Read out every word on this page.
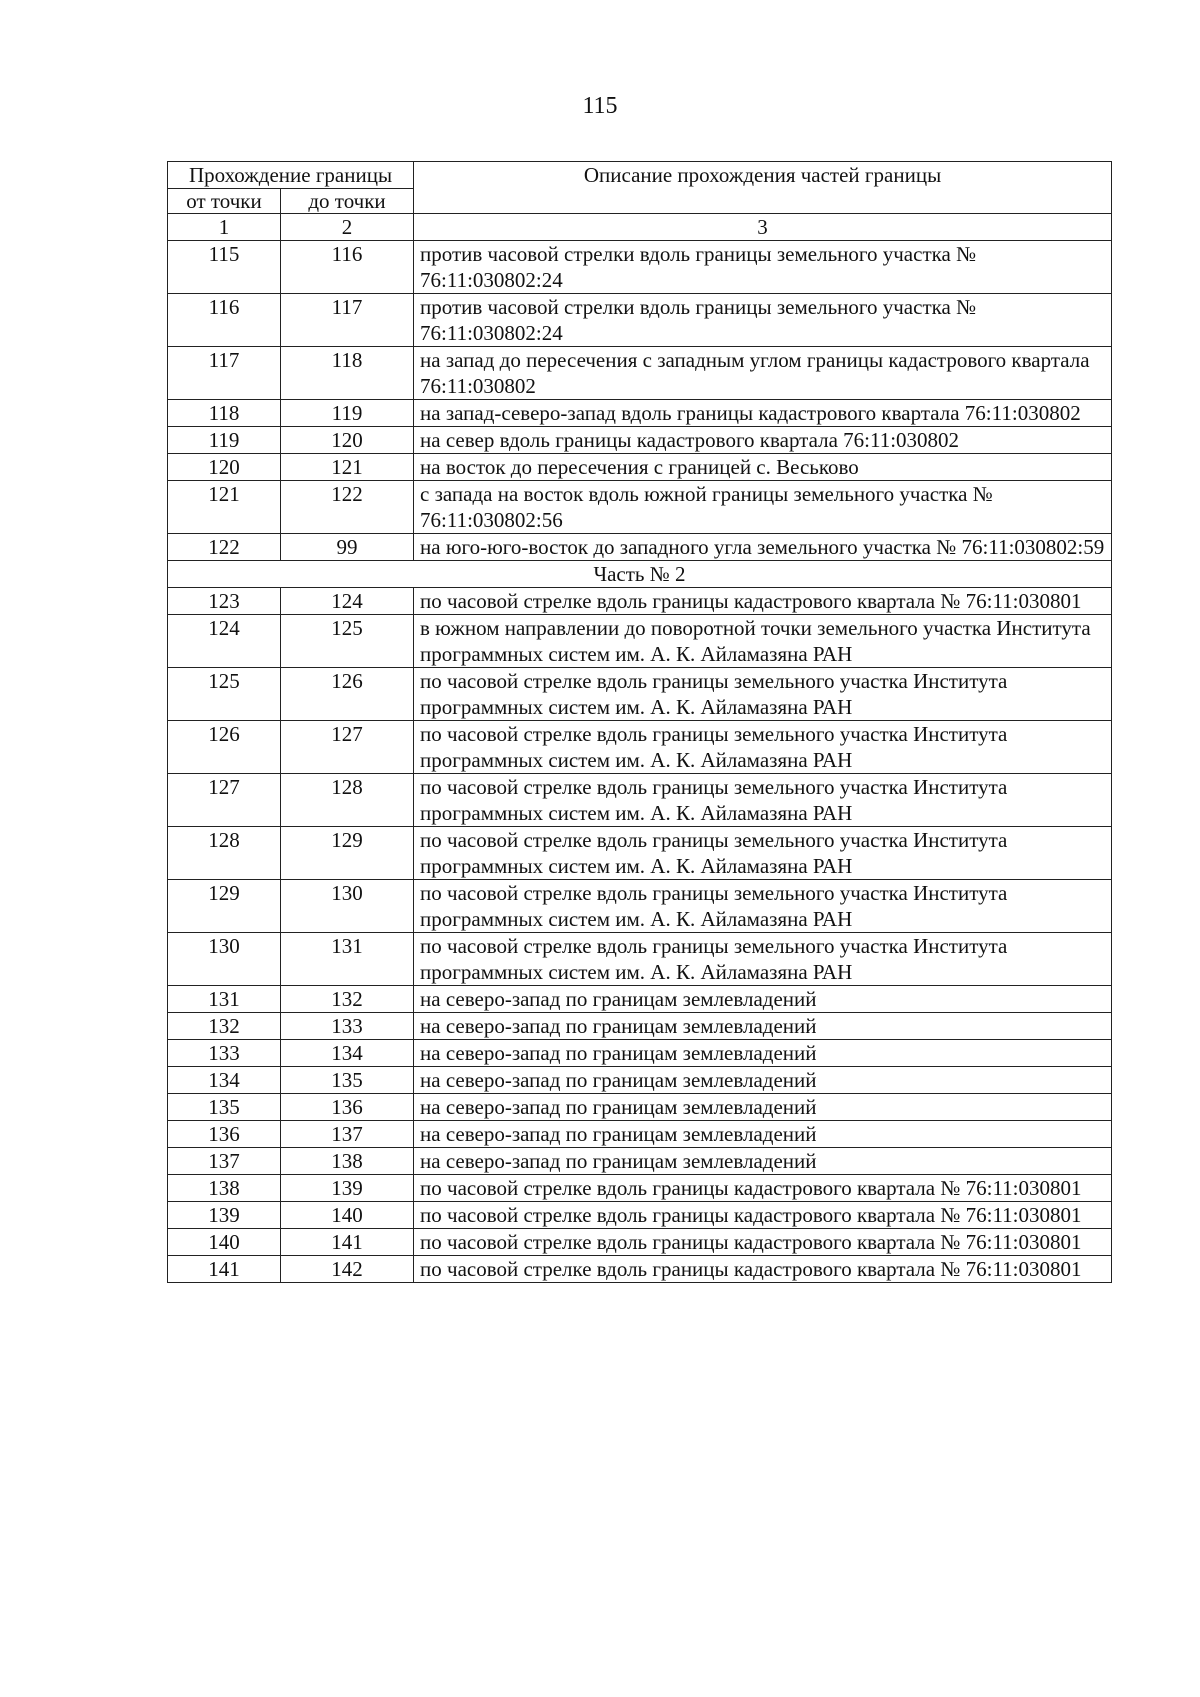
115
Прохождение границы		Описание прохождения частей границы
от точки	до точки	
1	2	3
115	116	против часовой стрелки вдоль границы земельного участка № 76:11:030802:24
116	117	против часовой стрелки вдоль границы земельного участка № 76:11:030802:24
117	118	на запад до пересечения с западным углом границы кадастрового квартала 76:11:030802
118	119	на запад-северо-запад вдоль границы кадастрового квартала 76:11:030802
119	120	на север вдоль границы кадастрового квартала 76:11:030802
120	121	на восток до пересечения с границей с. Веськово
121	122	с запада на восток вдоль южной границы земельного участка № 76:11:030802:56
122	99	на юго-юго-восток до западного угла земельного участка № 76:11:030802:59
Часть № 2		
123	124	по часовой стрелке вдоль границы кадастрового квартала № 76:11:030801
124	125	в южном направлении до поворотной точки земельного участка Института программных систем им. А. К. Айламазяна РАН
125	126	по часовой стрелке вдоль границы земельного участка Института программных систем им. А. К. Айламазяна РАН
126	127	по часовой стрелке вдоль границы земельного участка Института программных систем им. А. К. Айламазяна РАН
127	128	по часовой стрелке вдоль границы земельного участка Института программных систем им. А. К. Айламазяна РАН
128	129	по часовой стрелке вдоль границы земельного участка Института программных систем им. А. К. Айламазяна РАН
129	130	по часовой стрелке вдоль границы земельного участка Института программных систем им. А. К. Айламазяна РАН
130	131	по часовой стрелке вдоль границы земельного участка Института программных систем им. А. К. Айламазяна РАН
131	132	на северо-запад по границам землевладений
132	133	на северо-запад по границам землевладений
133	134	на северо-запад по границам землевладений
134	135	на северо-запад по границам землевладений
135	136	на северо-запад по границам землевладений
136	137	на северо-запад по границам землевладений
137	138	на северо-запад по границам землевладений
138	139	по часовой стрелке вдоль границы кадастрового квартала № 76:11:030801
139	140	по часовой стрелке вдоль границы кадастрового квартала № 76:11:030801
140	141	по часовой стрелке вдоль границы кадастрового квартала № 76:11:030801
141	142	по часовой стрелке вдоль границы кадастрового квартала № 76:11:030801
